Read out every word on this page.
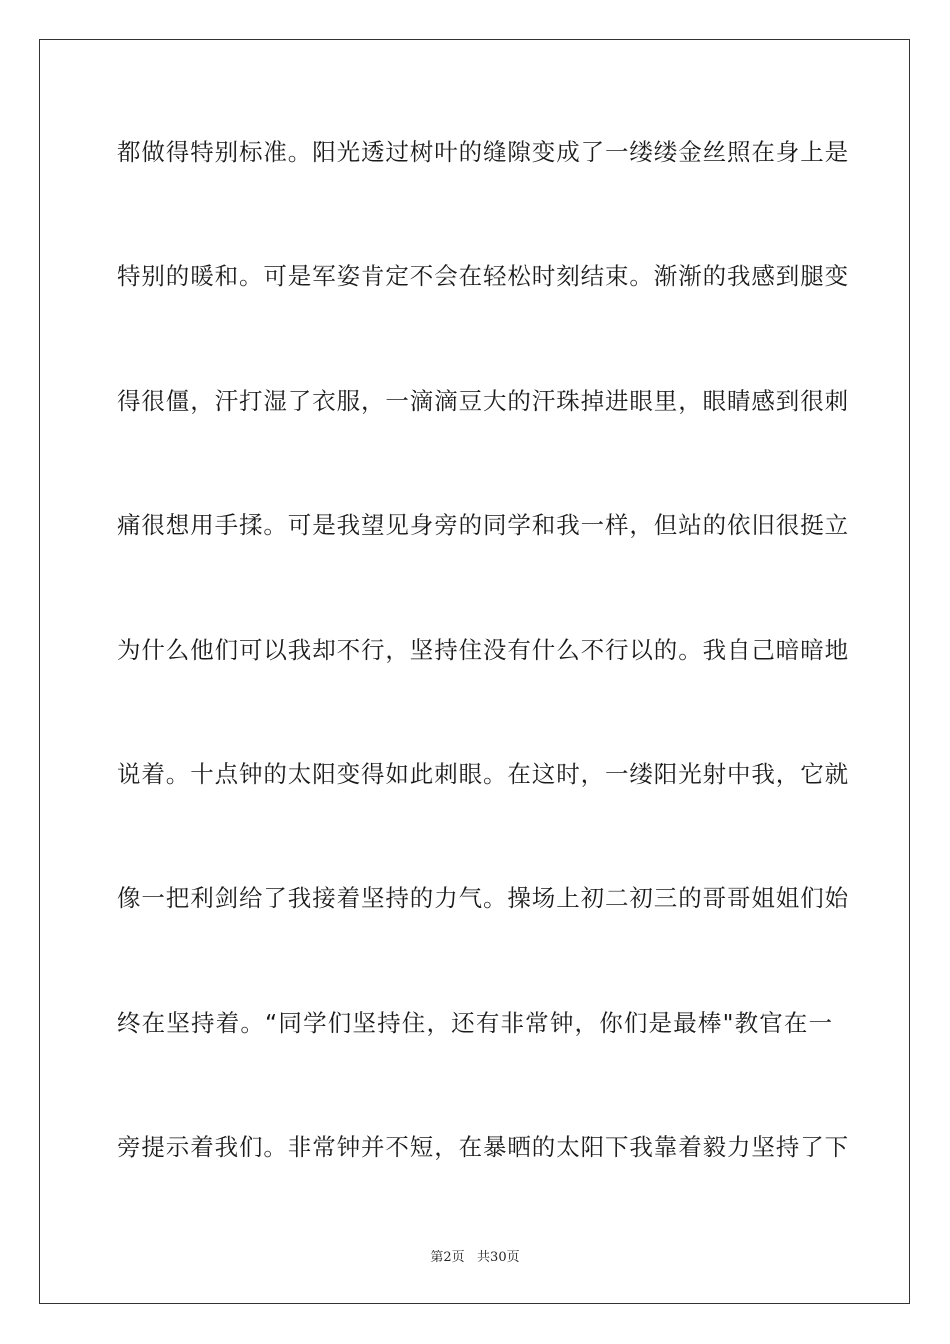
都做得特别标准。阳光透过树叶的缝隙变成了一缕缕金丝照在身上是
特别的暖和。可是军姿肯定不会在轻松时刻结束。渐渐的我感到腿变
得很僵，汗打湿了衣服，一滴滴豆大的汗珠掉进眼里，眼睛感到很刺
痛很想用手揉。可是我望见身旁的同学和我一样，但站的依旧很挺立
为什么他们可以我却不行，坚持住没有什么不行以的。我自己暗暗地
说着。十点钟的太阳变得如此刺眼。在这时，一缕阳光射中我，它就
像一把利剑给了我接着坚持的力气。操场上初二初三的哥哥姐姐们始
终在坚持着。“同学们坚持住，还有非常钟，你们是最棒"教官在一
旁提示着我们。非常钟并不短，在暴晒的太阳下我靠着毅力坚持了下
第2页   共30页
